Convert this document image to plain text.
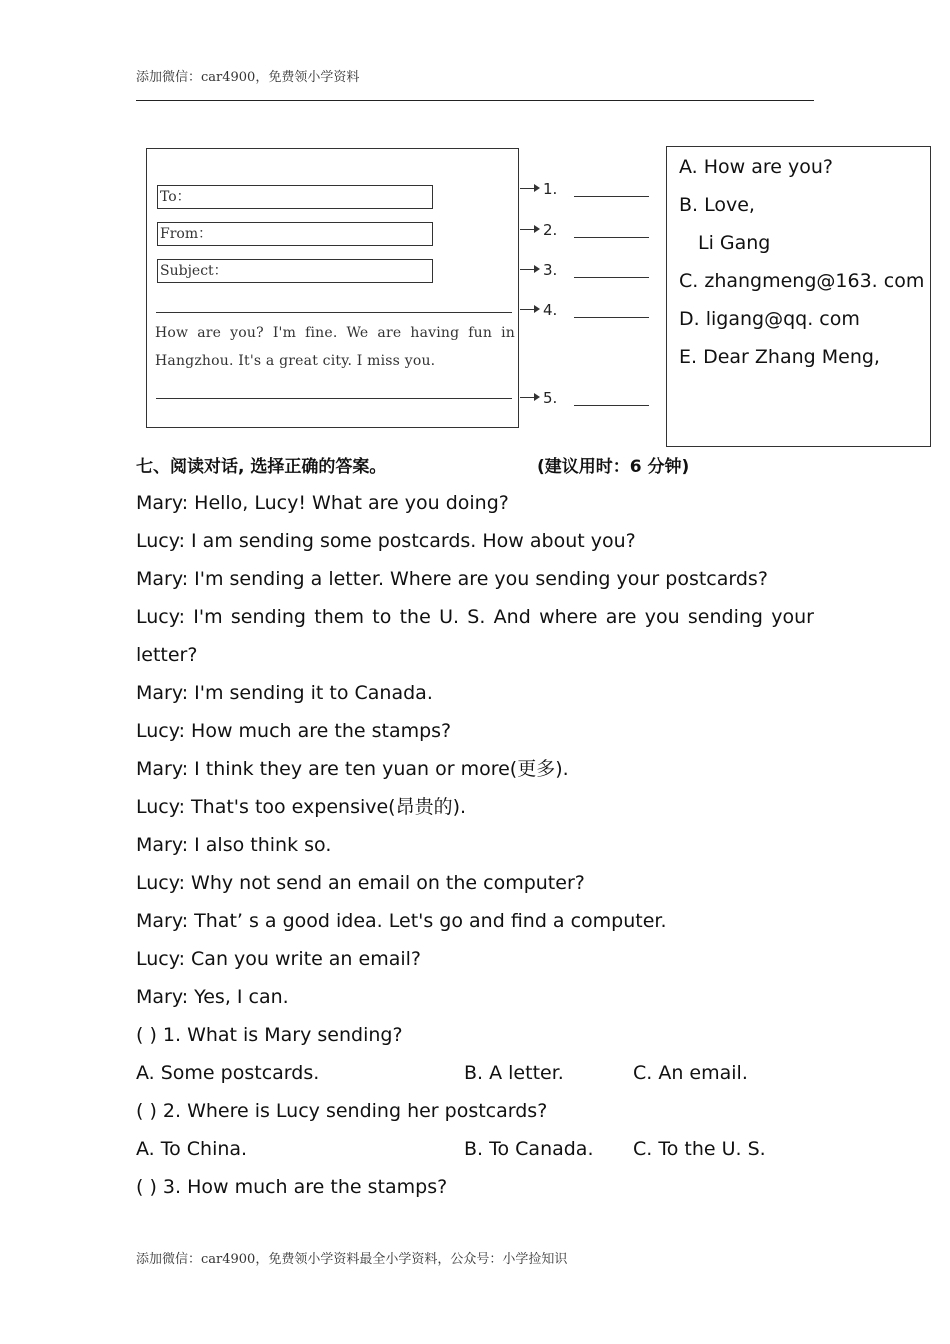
添加微信：car4900，免费领小学资料
To：
From：
Subject：
How are you? I'm fine. We are having fun in
Hangzhou. It's a great city. I miss you.
1.
2.
3.
4.
5.
A. How are you?
B. Love,
Li Gang
C. zhangmeng@163. com
D. ligang@qq. com
E. Dear Zhang Meng,
七、阅读对话, 选择正确的答案。	(建议用时：6 分钟)
Mary: Hello, Lucy! What are you doing?
Lucy: I am sending some postcards. How about you?
Mary: I'm sending a letter. Where are you sending your postcards?
Lucy: I'm sending them to the U. S. And where are you sending your
letter?
Mary: I'm sending it to Canada.
Lucy: How much are the stamps?
Mary: I think they are ten yuan or more(更多).
Lucy: That's too expensive(昂贵的).
Mary: I also think so.
Lucy: Why not send an email on the computer?
Mary: That’ s a good idea. Let's go and find a computer.
Lucy: Can you write an email?
Mary: Yes, I can.
( ) 1. What is Mary sending?
A. Some postcards.	B. A letter.	C. An email.
( ) 2. Where is Lucy sending her postcards?
A. To China.	B. To Canada. C. To the U. S.
( ) 3. How much are the stamps?
添加微信：car4900，免费领小学资料最全小学资料，公众号：小学捡知识
